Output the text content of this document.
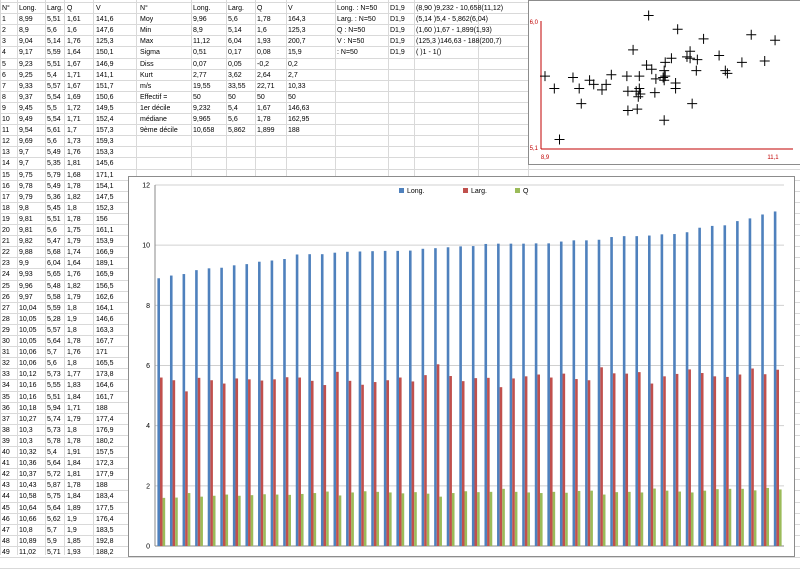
N° Long. Larg. Q	V
1 8,99 5,51 1,61 141,6
2 8,9	5,6 1,6	147,6
3 9,04 5,14 1,76 125,3
4 9,17 5,59 1,64 150,1
5 9,23 5,51 1,67 146,9
6 9,25 5,4 1,71 141,1
7 9,33 5,57 1,67 151,7
8 9,37 5,54 1,69 150,6
9 9,45 5,5 1,72 149,5
10 9,49 5,54 1,71 152,4
11 9,54 5,61 1,7	157,3
12 9,69 5,6 1,73 159,3
13 9,7	5,49 1,76 153,3
14 9,7	5,35 1,81 145,6
15 9,75 5,79 1,68 171,1
16 9,78 5,49 1,78 154,1
17 9,79 5,36 1,82 147,5
18 9,8	5,45 1,8	152,3
19 9,81 5,51 1,78 156
20 9,81 5,6 1,75 161,1
21 9,82 5,47 1,79 153,9
22 9,88 5,68 1,74 166,9
23 9,9	6,04 1,64 189,1
24 9,93 5,65 1,76 165,9
25 9,96 5,48 1,82 156,5
26 9,97 5,58 1,79 162,6
27 10,04 5,59 1,8	164,1
28 10,05 5,28 1,9	146,6
29 10,05 5,57 1,8	163,3
30 10,05 5,64 1,78 167,7
31 10,06 5,7 1,76 171
32 10,06 5,6 1,8	165,5
33 10,12 5,73 1,77 173,8
34 10,16 5,55 1,83 164,6
35 10,16 5,51 1,84 161,7
36 10,18 5,94 1,71 188
37 10,27 5,74 1,79 177,4
38 10,3 5,73 1,8	176,9
39 10,3 5,78 1,78 180,2
40 10,32 5,4 1,91 157,5
41 10,36 5,64 1,84 172,3
42 10,37 5,72 1,81 177,9
43 10,43 5,87 1,78 188
44 10,58 5,75 1,84 183,4
45 10,64 5,64 1,89 177,5
46 10,66 5,62 1,9	176,4
47 10,8 5,7 1,9	183,5
48 10,89 5,9 1,85 192,8
49 11,02 5,71 1,93 188,2
N°	Long. Larg. Q	V
Moy	9,96	5,6	1,78 164,3
Min	8,9	5,14 1,6	125,3
Max	11,12	6,04 1,93 200,7
Sigma	0,51	0,17 0,08 15,9
Diss	0,07	0,05 -0,2	0,2
Kurt	2,77	3,62 2,64 2,7
m/s	19,55 33,55 22,71 10,33
Effectif =	50	50	50	50
1er décile	9,232 5,4	1,67 146,63
médiane	9,965 5,6	1,78 162,95
9ème décile 10,658 5,862 1,899 188
Long. : N=50 D1,9 (8,90 )9,232 - 10,658(11,12)
Larg. : N=50 D1,9 (5,14 )5,4 - 5,862(6,04)
Q : N=50	D1,9 (1,60 )1,67 - 1,899(1,93)
V : N=50	D1,9 (125,3 )146,63 - 188(200,7)
: N=50	D1,9 ( )1 - 1()
6,0
5,1
8,9	11,1
0
2
4
6
8
10
12
Long.	Larg.	Q
